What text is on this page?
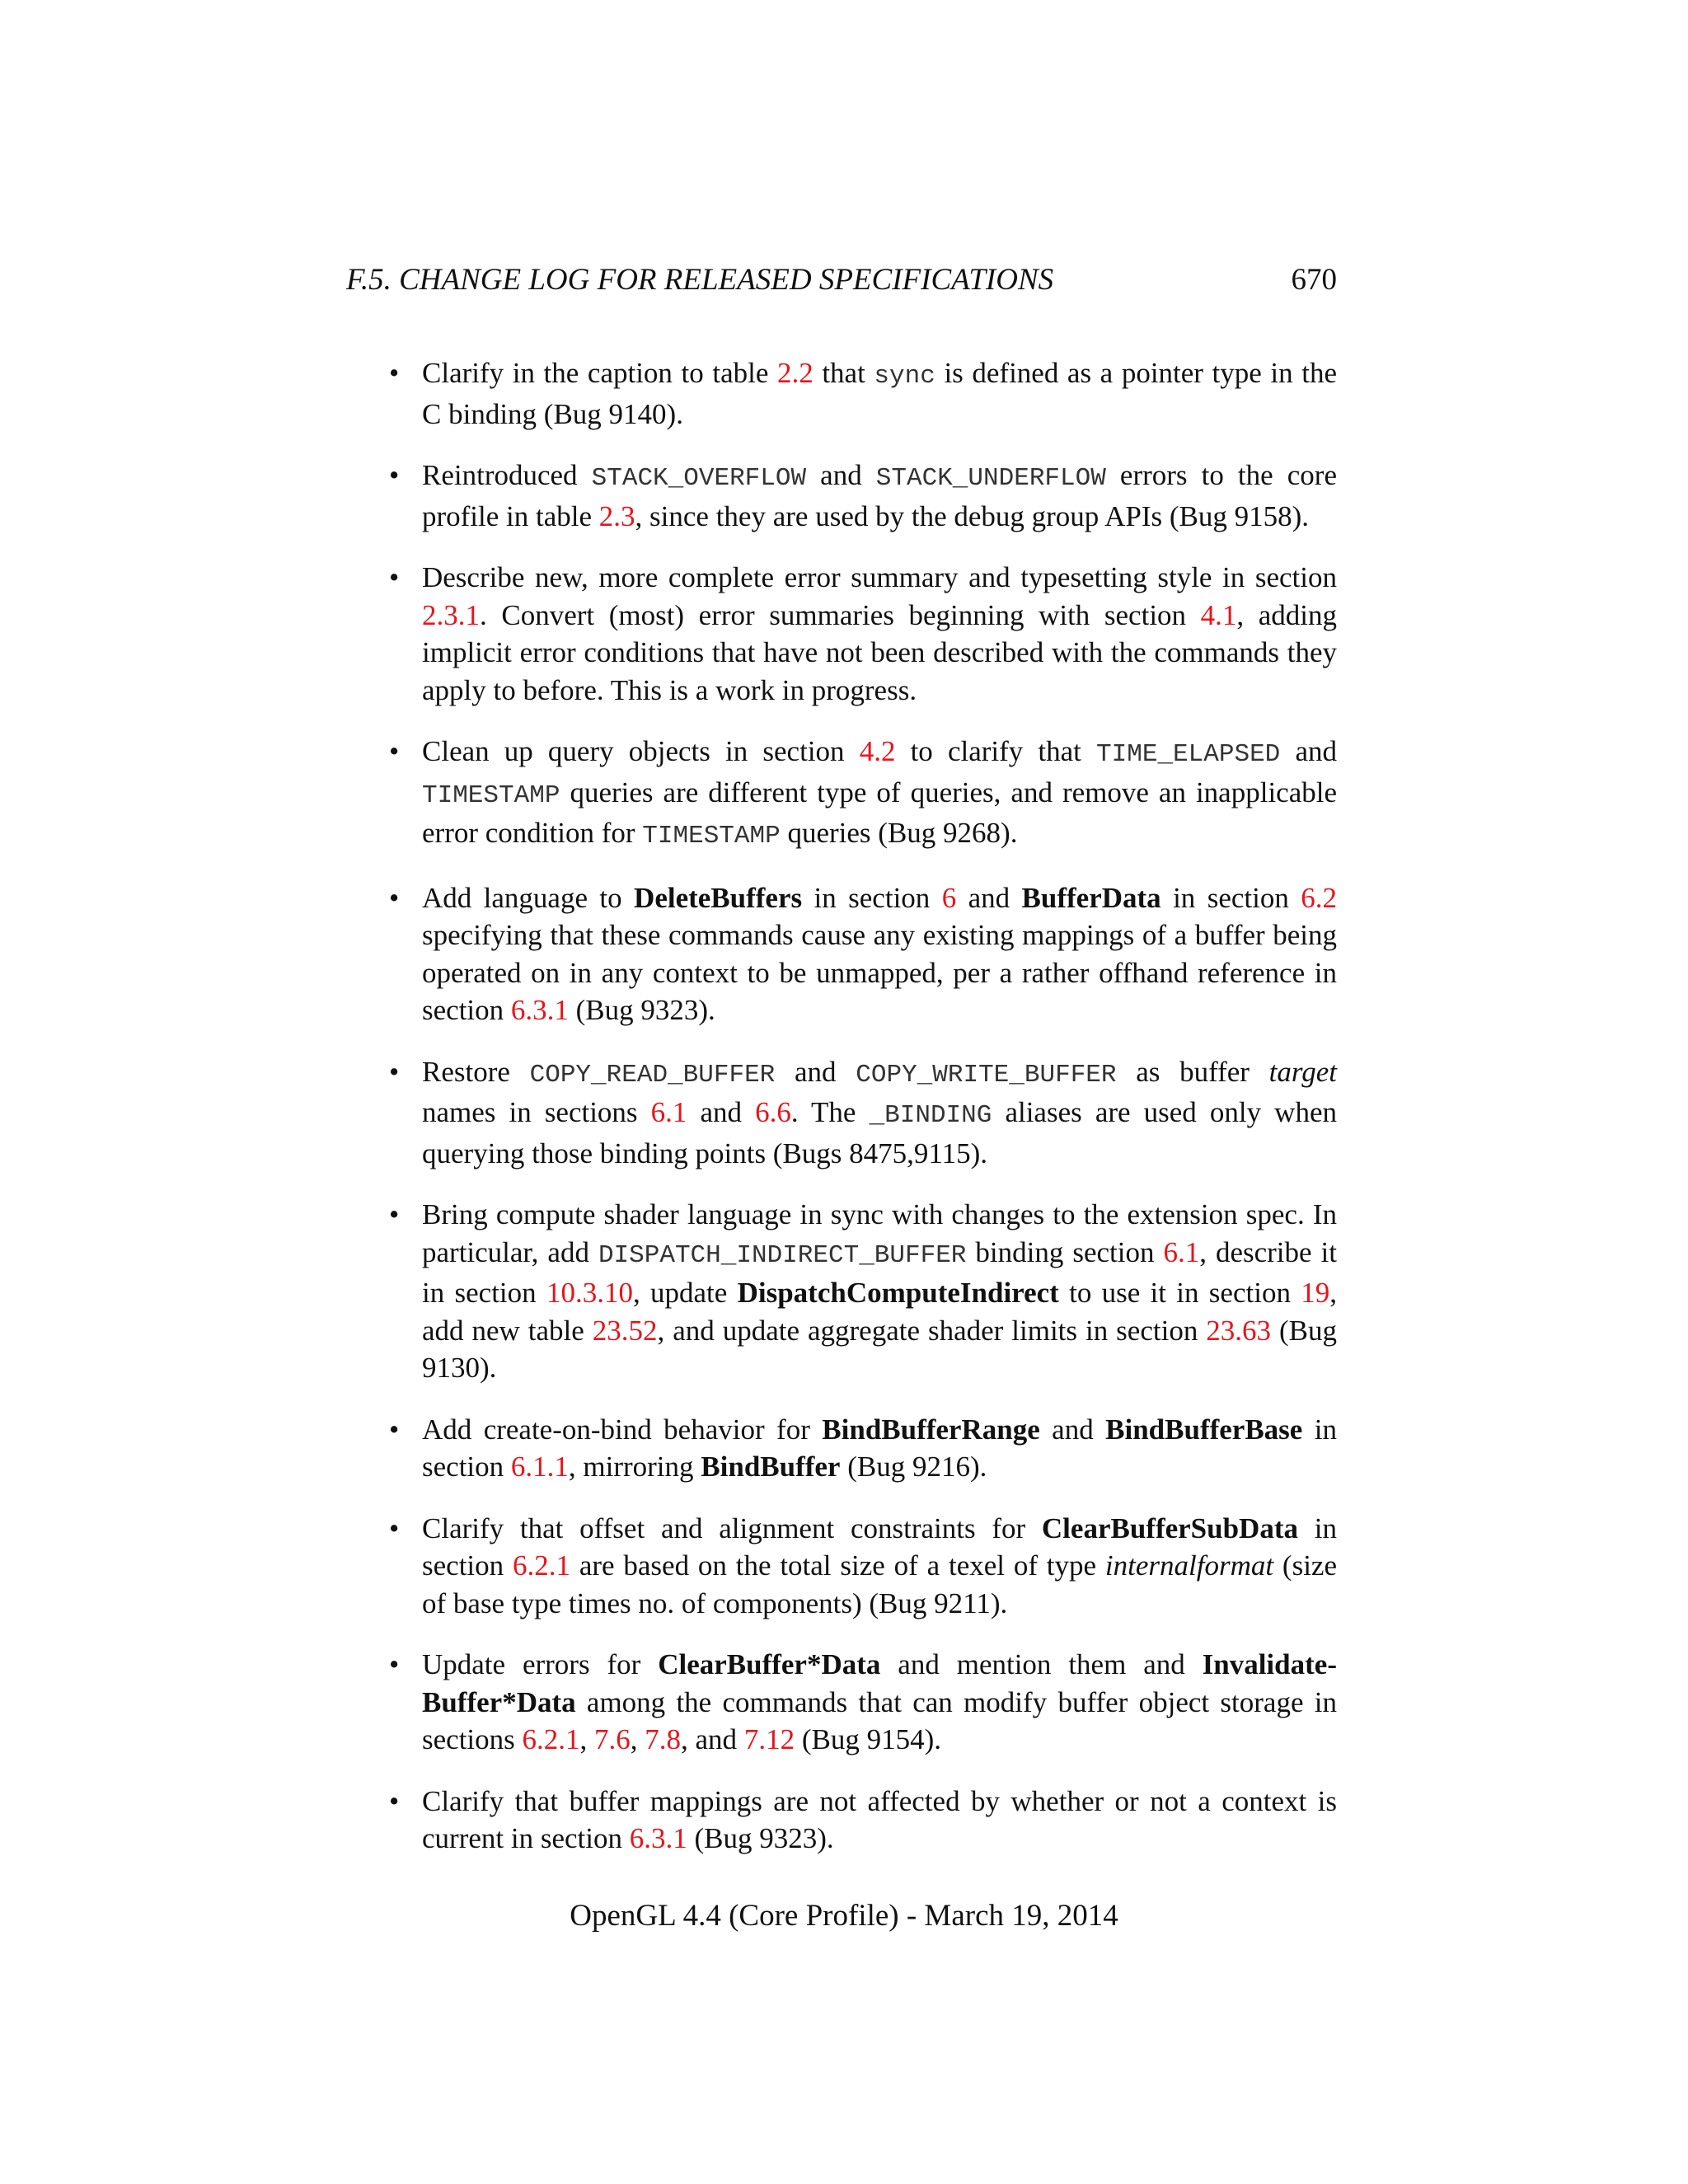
F.5. CHANGE LOG FOR RELEASED SPECIFICATIONS	670
• Clarify in the caption to table 2.2 that sync is defined as a pointer type in the C binding (Bug 9140).
• Reintroduced STACK_OVERFLOW and STACK_UNDERFLOW errors to the core profile in table 2.3, since they are used by the debug group APIs (Bug 9158).
• Describe new, more complete error summary and typesetting style in section 2.3.1. Convert (most) error summaries beginning with section 4.1, adding implicit error conditions that have not been described with the commands they apply to before. This is a work in progress.
• Clean up query objects in section 4.2 to clarify that TIME_ELAPSED and TIMESTAMP queries are different type of queries, and remove an inapplicable error condition for TIMESTAMP queries (Bug 9268).
• Add language to DeleteBuffers in section 6 and BufferData in section 6.2 specifying that these commands cause any existing mappings of a buffer being operated on in any context to be unmapped, per a rather offhand reference in section 6.3.1 (Bug 9323).
• Restore COPY_READ_BUFFER and COPY_WRITE_BUFFER as buffer target names in sections 6.1 and 6.6. The _BINDING aliases are used only when querying those binding points (Bugs 8475,9115).
• Bring compute shader language in sync with changes to the extension spec. In particular, add DISPATCH_INDIRECT_BUFFER binding section 6.1, describe it in section 10.3.10, update DispatchComputeIndirect to use it in section 19, add new table 23.52, and update aggregate shader limits in section 23.63 (Bug 9130).
• Add create-on-bind behavior for BindBufferRange and BindBufferBase in section 6.1.1, mirroring BindBuffer (Bug 9216).
• Clarify that offset and alignment constraints for ClearBufferSubData in section 6.2.1 are based on the total size of a texel of type internalformat (size of base type times no. of components) (Bug 9211).
• Update errors for ClearBuffer*Data and mention them and InvalidateBuffer*Data among the commands that can modify buffer object storage in sections 6.2.1, 7.6, 7.8, and 7.12 (Bug 9154).
• Clarify that buffer mappings are not affected by whether or not a context is current in section 6.3.1 (Bug 9323).
OpenGL 4.4 (Core Profile) - March 19, 2014
